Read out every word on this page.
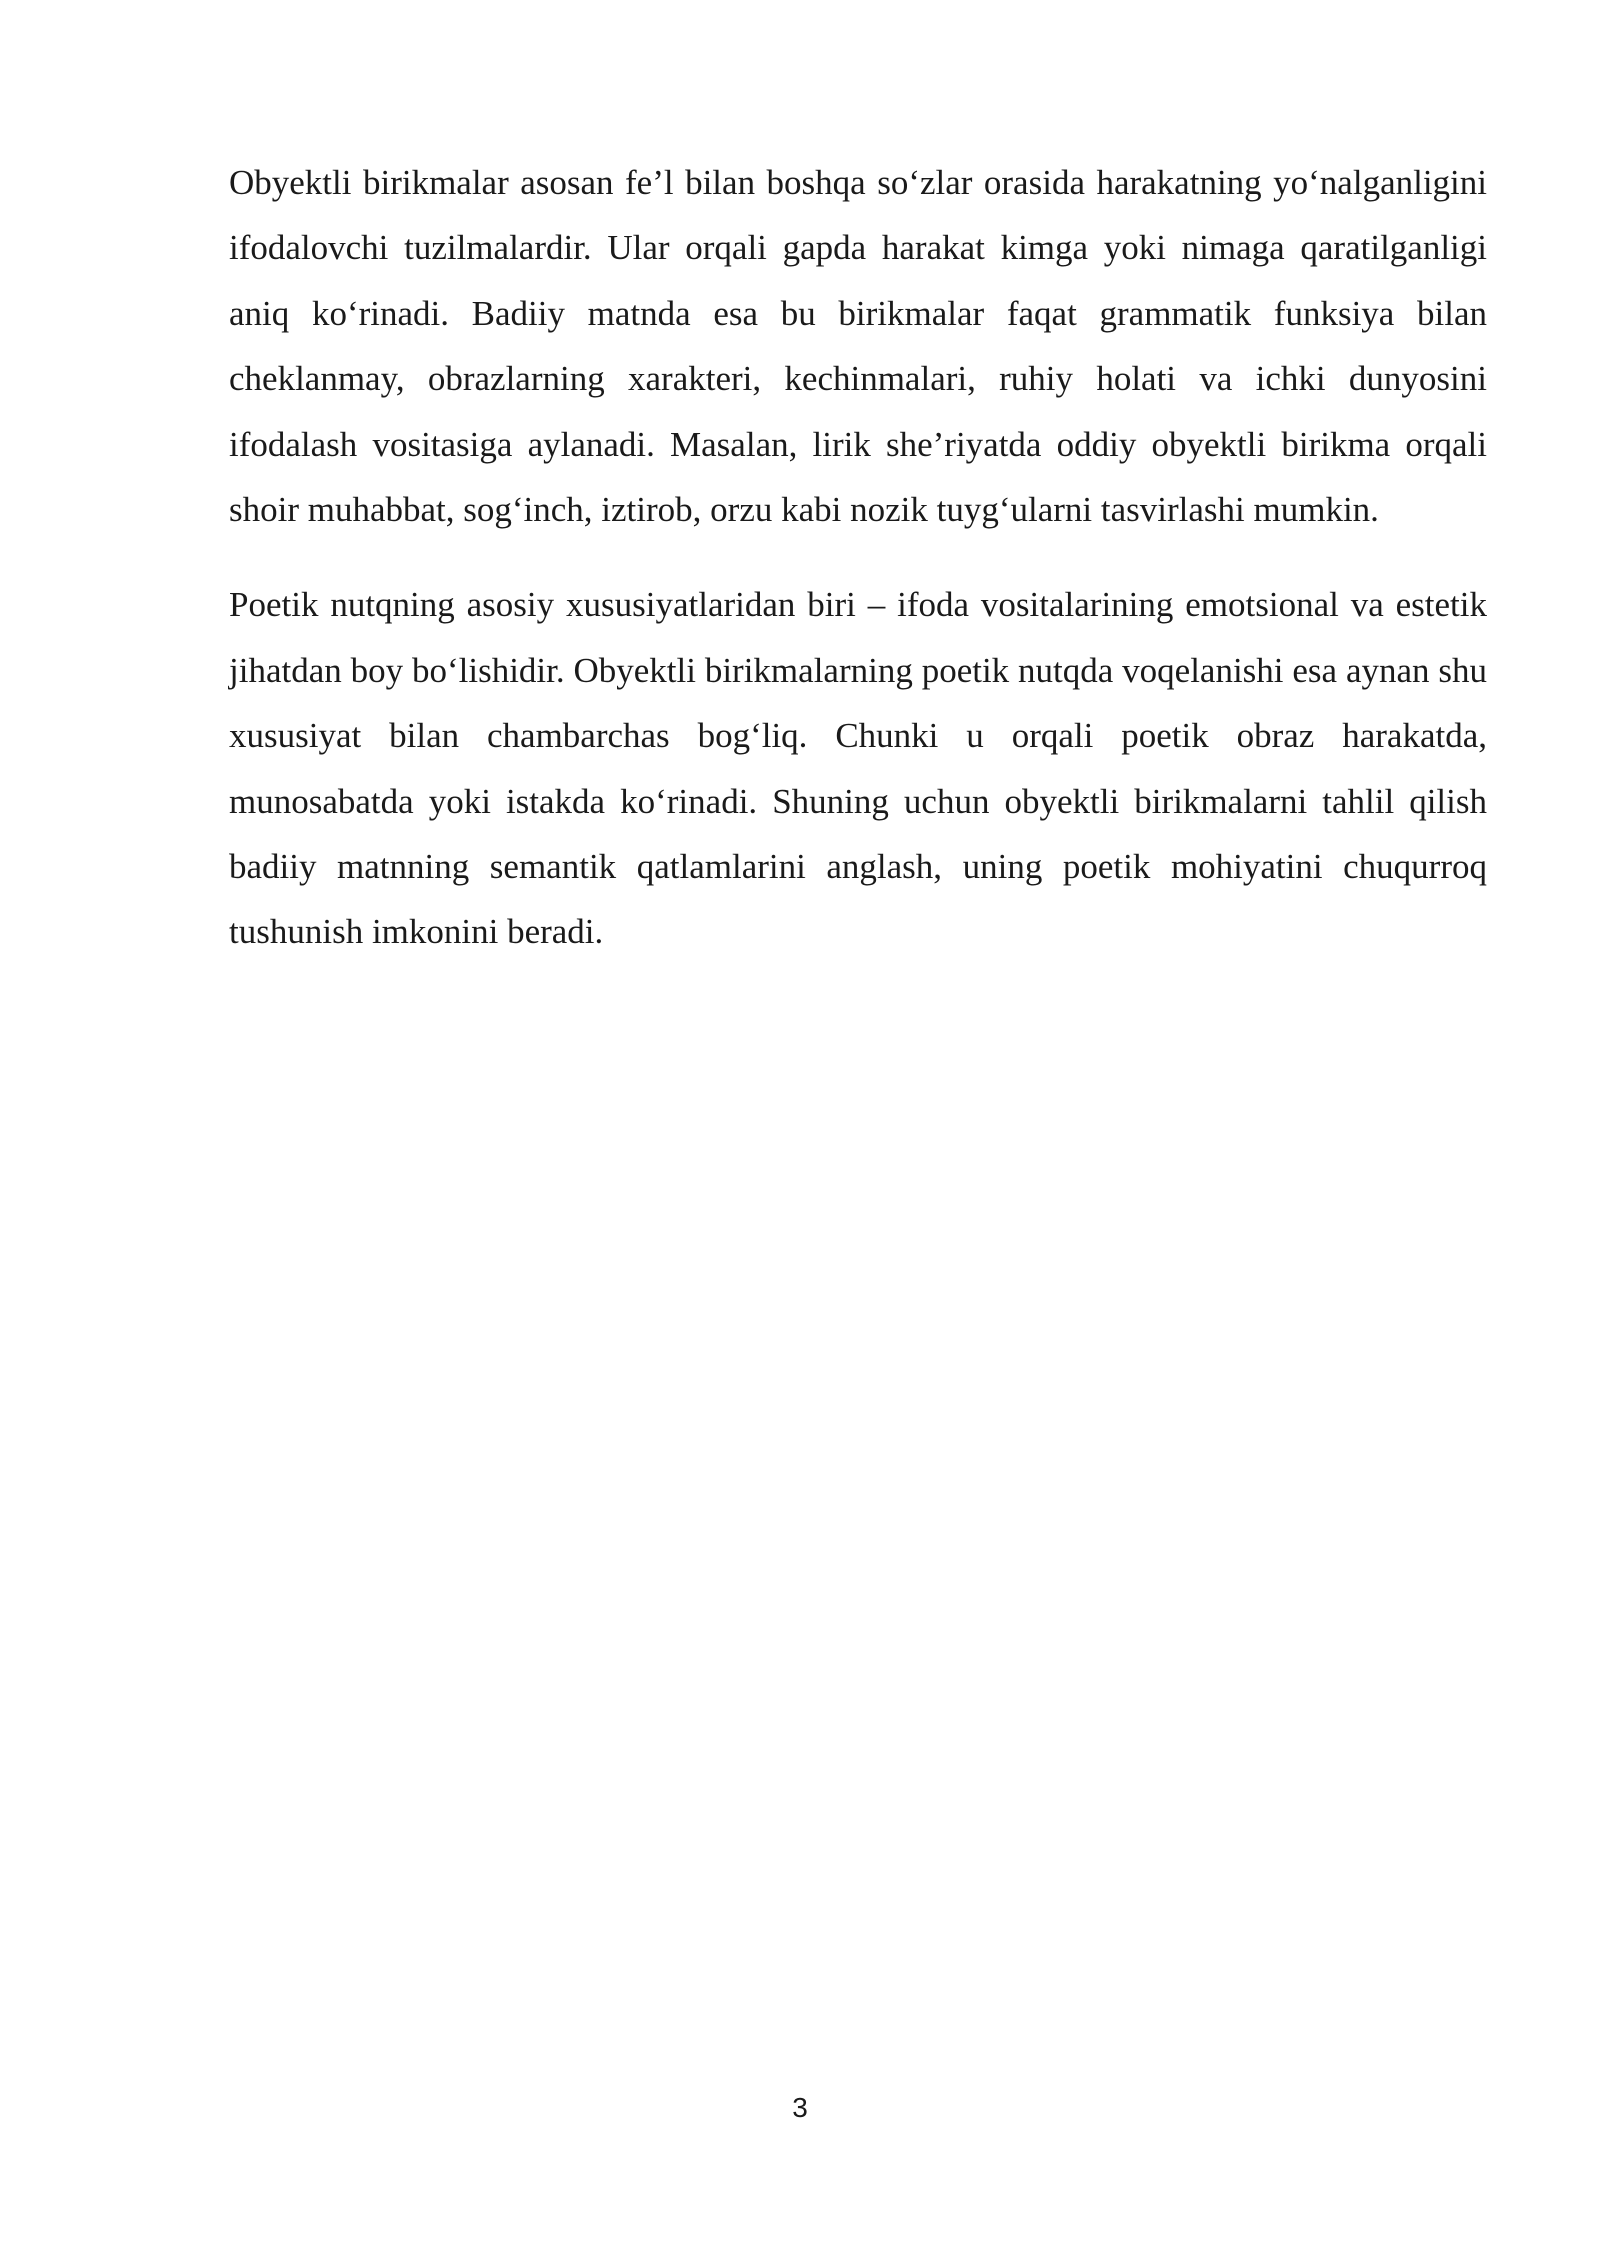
Obyektli birikmalar asosan fe’l bilan boshqa so‘zlar orasida harakatning yo‘nalganligini ifodalovchi tuzilmalardir. Ular orqali gapda harakat kimga yoki nimaga qaratilganligi aniq ko‘rinadi. Badiiy matnda esa bu birikmalar faqat grammatik funksiya bilan cheklanmay, obrazlarning xarakteri, kechinmalari, ruhiy holati va ichki dunyosini ifodalash vositasiga aylanadi. Masalan, lirik she’riyatda oddiy obyektli birikma orqali shoir muhabbat, sog‘inch, iztirob, orzu kabi nozik tuyg‘ularni tasvirlashi mumkin.

Poetik nutqning asosiy xususiyatlaridan biri – ifoda vositalarining emotsional va estetik jihatdan boy bo‘lishidir. Obyektli birikmalarning poetik nutqda voqelanishi esa aynan shu xususiyat bilan chambarchas bog‘liq. Chunki u orqali poetik obraz harakatda, munosabatda yoki istakda ko‘rinadi. Shuning uchun obyektli birikmalarni tahlil qilish badiiy matnning semantik qatlamlarini anglash, uning poetik mohiyatini chuqurroq tushunish imkonini beradi.

3
